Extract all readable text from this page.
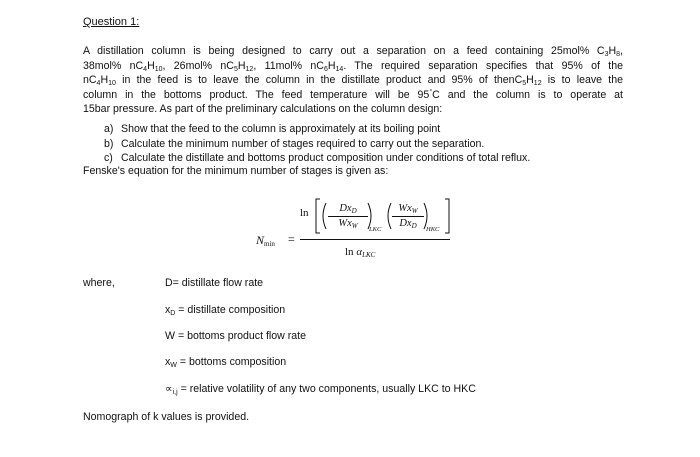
Question 1:
A distillation column is being designed to carry out a separation on a feed containing 25mol% $C_3H_8$,
38mol% $nC_4H_{10}$, 26mol% $nC_5H_{12}$, 11mol% $nC_6H_{14}$. The required separation specifies that 95% of the
$nC_4H_{10}$ in the feed is to leave the column in the distillate product and 95% of $thenC_5H_{12}$ is to leave the
column in the bottoms product. The feed temperature will be 95°C and the column is to operate at
15bar pressure. As part of the preliminary calculations on the column design:
a) Show that the feed to the column is approximately at its boiling point
b) Calculate the minimum number of stages required to carry out the separation.
c) Calculate the distillate and bottoms product composition under conditions of total reflux.
Fenske's equation for the minimum number of stages is given as:
$N_{min}$ =
ln	$Dx_D$
$Wx_W$	LKC
$Wx_W$
$Dx_D$	HKC
$\ln \alpha_{LKC}$
where,	D= distillate flow rate
$x_D$ = distillate composition
W = bottoms product flow rate
$x_W$ = bottoms composition
$\propto_{i,j}$ = relative volatility of any two components, usually LKC to HKC
Nomograph of k values is provided.
